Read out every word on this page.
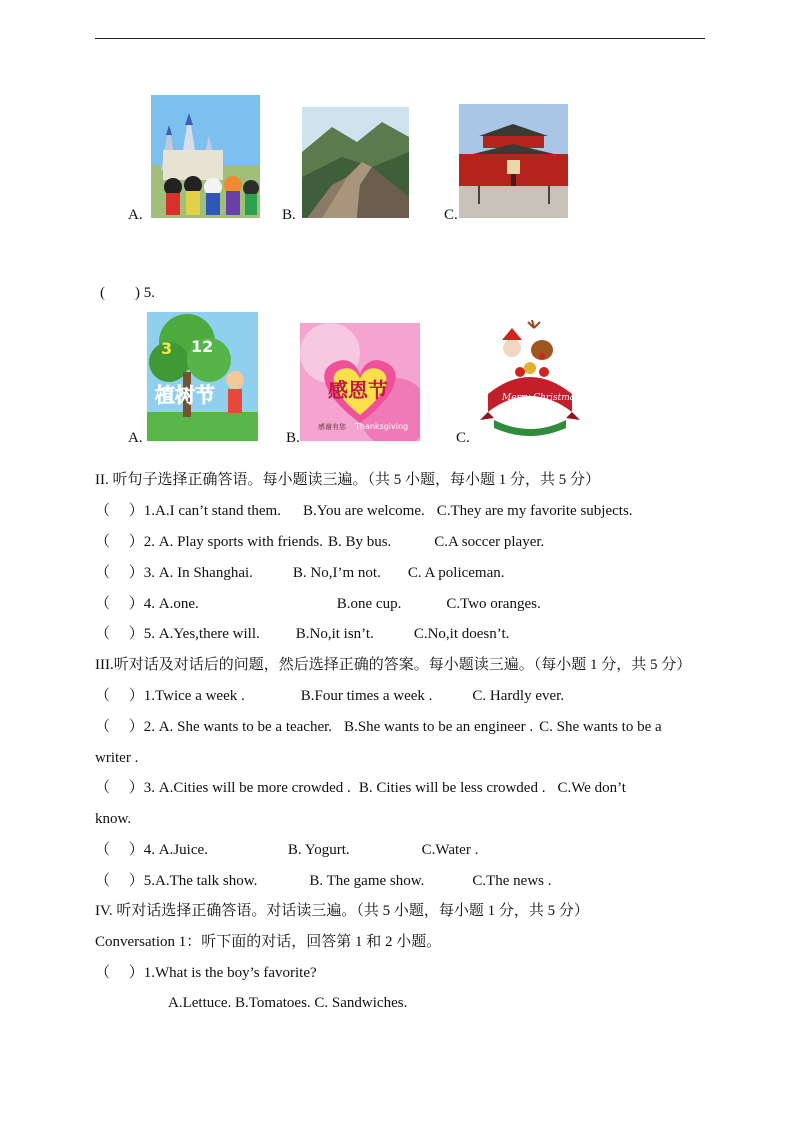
A.	B.	C.
(　　) 5.
3 12
植树节	感恩节
感谢有您 Thanksgiving
Merry Christmas!
A.	B.	C.
II. 听句子选择正确答语。每小题读三遍。（共 5 小题，每小题 1 分，共 5 分）
（　 ）1.A.I can’t stand them. B.You are welcome. C.They are my favorite subjects.
（　 ）2. A. Play sports with friends. B. By bus.	C.A soccer player.
（　 ）3. A. In Shanghai.	B. No,I’m not. C. A policeman.
（　 ）4. A.one.	B.one cup.	C.Two oranges.
（　 ）5. A.Yes,there will. B.No,it isn’t.	C.No,it doesn’t.
III.听对话及对话后的问题，然后选择正确的答案。每小题读三遍。（每小题 1 分，共 5 分）
（　 ）1.Twice a week .	B.Four times a week .	C. Hardly ever.
（　 ）2. A. She wants to be a teacher. B.She wants to be an engineer . C. She wants to be a
writer .
（　 ）3. A.Cities will be more crowded . B. Cities will be less crowded . C.We don’t
know.
（　 ）4. A.Juice.	B. Yogurt.	C.Water .
（　 ）5.A.The talk show.	B. The game show.	C.The news .
IV. 听对话选择正确答语。对话读三遍。（共 5 小题，每小题 1 分，共 5 分）
Conversation 1：听下面的对话，回答第 1 和 2 小题。
（　 ）1.What is the boy’s favorite?
A.Lettuce. B.Tomatoes. C. Sandwiches.
